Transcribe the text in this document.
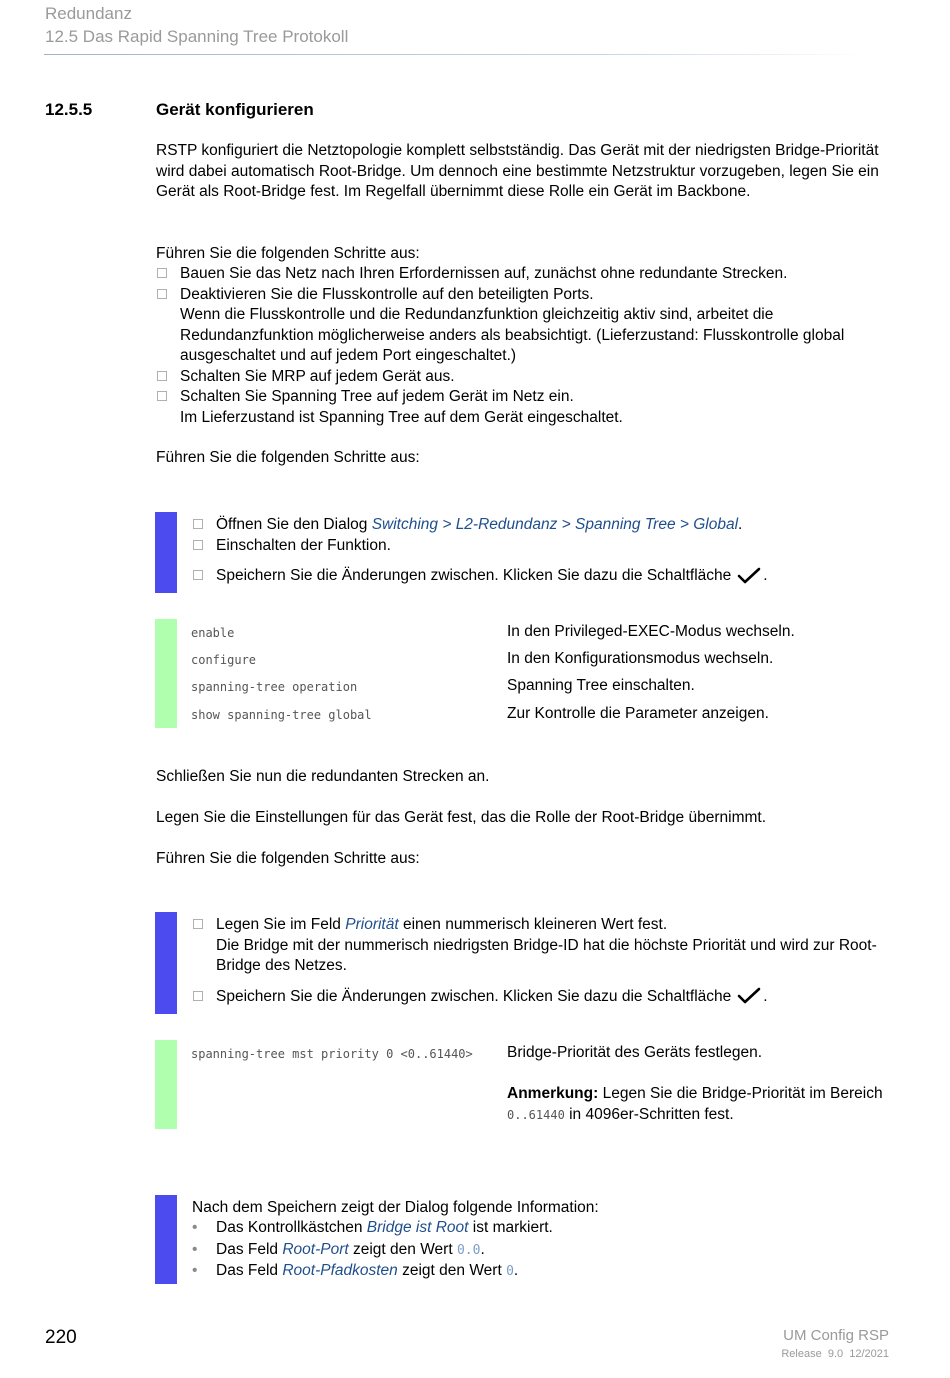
Redundanz
12.5 Das Rapid Spanning Tree Protokoll
12.5.5	Gerät konfigurieren

RSTP konfiguriert die Netztopologie komplett selbstständig. Das Gerät mit der niedrigsten Bridge-Priorität wird dabei automatisch Root-Bridge. Um dennoch eine bestimmte Netzstruktur vorzugeben, legen Sie ein Gerät als Root-Bridge fest. Im Regelfall übernimmt diese Rolle ein Gerät im Backbone.

Führen Sie die folgenden Schritte aus:

Bauen Sie das Netz nach Ihren Erfordernissen auf, zunächst ohne redundante Strecken.
Deaktivieren Sie die Flusskontrolle auf den beteiligten Ports.
Wenn die Flusskontrolle und die Redundanzfunktion gleichzeitig aktiv sind, arbeitet die Redundanzfunktion möglicherweise anders als beabsichtigt. (Lieferzustand: Flusskontrolle global ausgeschaltet und auf jedem Port eingeschaltet.)
Schalten Sie MRP auf jedem Gerät aus.
Schalten Sie Spanning Tree auf jedem Gerät im Netz ein.
Im Lieferzustand ist Spanning Tree auf dem Gerät eingeschaltet.

Führen Sie die folgenden Schritte aus:

Öffnen Sie den Dialog Switching > L2-Redundanz > Spanning Tree > Global.
Einschalten der Funktion.
Speichern Sie die Änderungen zwischen. Klicken Sie dazu die Schaltfläche .
enable	In den Privileged-EXEC-Modus wechseln.
configure	In den Konfigurationsmodus wechseln.
spanning-tree operation	Spanning Tree einschalten.
show spanning-tree global	Zur Kontrolle die Parameter anzeigen.

Schließen Sie nun die redundanten Strecken an.

Legen Sie die Einstellungen für das Gerät fest, das die Rolle der Root-Bridge übernimmt.

Führen Sie die folgenden Schritte aus:

Legen Sie im Feld Priorität einen nummerisch kleineren Wert fest.
Die Bridge mit der nummerisch niedrigsten Bridge-ID hat die höchste Priorität und wird zur Root-Bridge des Netzes.
Speichern Sie die Änderungen zwischen. Klicken Sie dazu die Schaltfläche .
spanning-tree mst priority 0 <0..61440> Bridge-Priorität des Geräts festlegen.
Anmerkung: Legen Sie die Bridge-Priorität im Bereich 0..61440 in 4096er-Schritten fest.
Nach dem Speichern zeigt der Dialog folgende Information:
• Das Kontrollkästchen Bridge ist Root ist markiert.
• Das Feld Root-Port zeigt den Wert 0.0.
• Das Feld Root-Pfadkosten zeigt den Wert 0.
220	UM Config RSP
Release  9.0  12/2021
